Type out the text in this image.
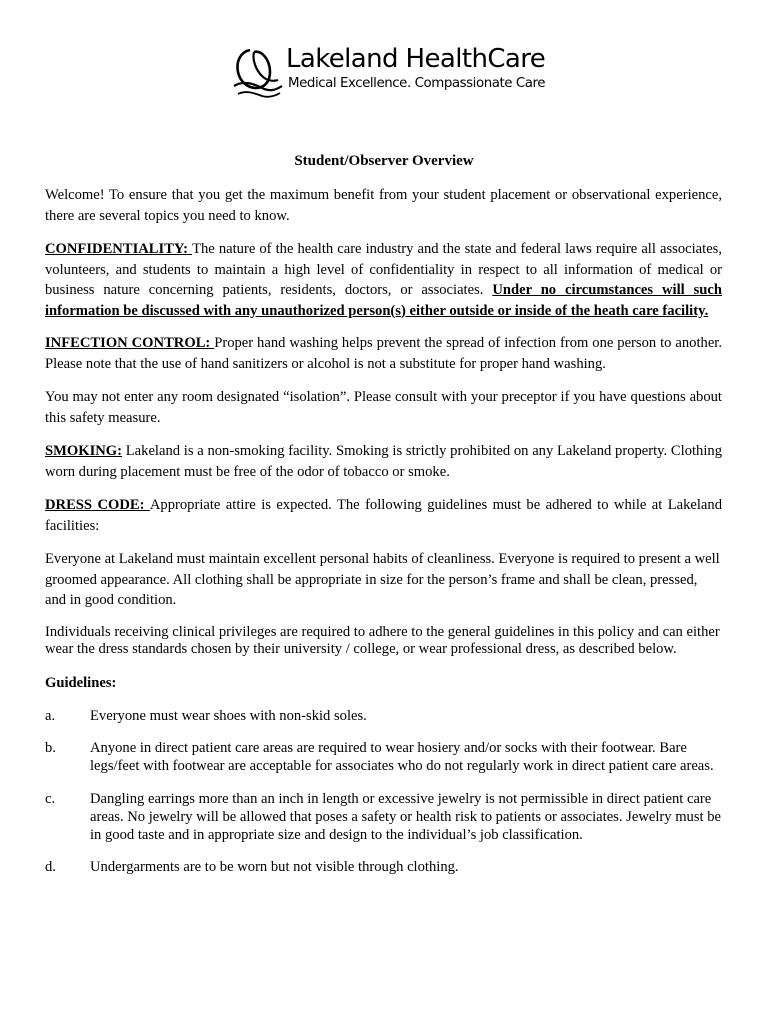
Lakeland HealthCare
Medical Excellence. Compassionate Care
Student/Observer Overview

Welcome! To ensure that you get the maximum benefit from your student placement or observational experience, there are several topics you need to know.

CONFIDENTIALITY: The nature of the health care industry and the state and federal laws require all associates, volunteers, and students to maintain a high level of confidentiality in respect to all information of medical or business nature concerning patients, residents, doctors, or associates. Under no circumstances will such information be discussed with any unauthorized person(s) either outside or inside of the heath care facility.

INFECTION CONTROL: Proper hand washing helps prevent the spread of infection from one person to another. Please note that the use of hand sanitizers or alcohol is not a substitute for proper hand washing.

You may not enter any room designated “isolation”. Please consult with your preceptor if you have questions about this safety measure.

SMOKING: Lakeland is a non-smoking facility. Smoking is strictly prohibited on any Lakeland property. Clothing worn during placement must be free of the odor of tobacco or smoke.

DRESS CODE: Appropriate attire is expected. The following guidelines must be adhered to while at Lakeland facilities:

Everyone at Lakeland must maintain excellent personal habits of cleanliness. Everyone is required to present a well groomed appearance. All clothing shall be appropriate in size for the person’s frame and shall be clean, pressed, and in good condition.

Individuals receiving clinical privileges are required to adhere to the general guidelines in this policy and can either wear the dress standards chosen by their university / college, or wear professional dress, as described below.

Guidelines:

a.	Everyone must wear shoes with non-skid soles.
b.	Anyone in direct patient care areas are required to wear hosiery and/or socks with their footwear. Bare legs/feet with footwear are acceptable for associates who do not regularly work in direct patient care areas.
c.	Dangling earrings more than an inch in length or excessive jewelry is not permissible in direct patient care areas. No jewelry will be allowed that poses a safety or health risk to patients or associates. Jewelry must be in good taste and in appropriate size and design to the individual’s job classification.
d.	Undergarments are to be worn but not visible through clothing.
